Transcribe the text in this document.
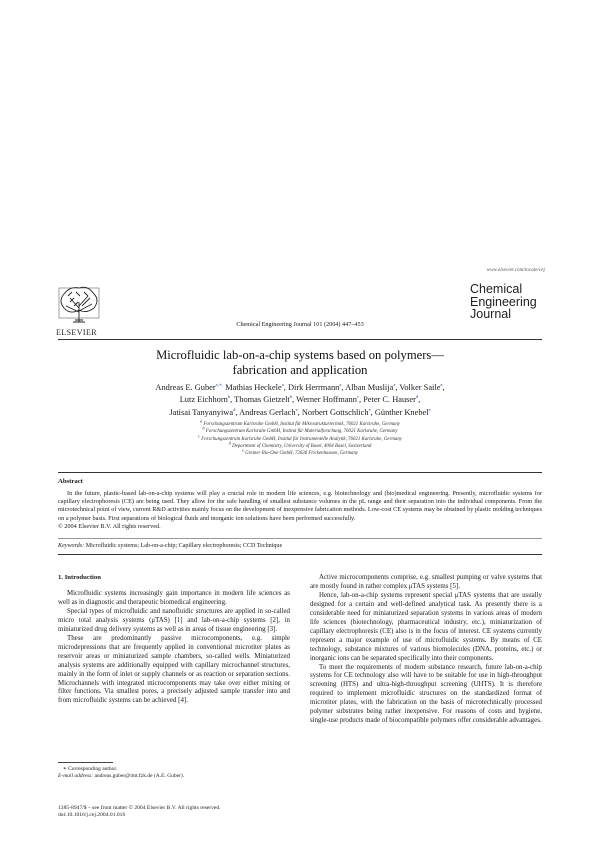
www.elsevier.com/locate/cej
ELSEVIER
Chemical Engineering Journal 101 (2004) 447–453
Chemical
Engineering
Journal
Microfluidic lab-on-a-chip systems based on polymers—
fabrication and application
Andreas E. Guber$^{a,∗,}$ Mathias Heckele$^a$, Dirk Herrmann$^a$, Alban Muslija$^a$, Volker Saile$^a$,
Lutz Eichhorn$^b$, Thomas Gietzelt$^b$, Werner Hoffmann$^c$, Peter C. Hauser$^d$,
Jatisai Tanyanyiwa$^d$, Andreas Gerlach$^e$, Norbert Gottschlich$^e$, Günther Knebel$^e$
$^a$ Forschungszentrum Karlsruhe GmbH, Institut für Mikrostrukturtechnik, 76021 Karlsruhe, Germany
$^b$ Forschungszentrum Karlsruhe GmbH, Institut für Materialforschung, 76021 Karlsruhe, Germany
$^c$ Forschungszentrum Karlsruhe GmbH, Institut für Instrumentelle Analytik, 76021 Karlsruhe, Germany
$^d$ Department of Chemistry, University of Basel, 4004 Basel, Switzerland
$^e$ Greiner Bio-One GmbH, 72636 Frickenhausen, Germany
Abstract

In the future, plastic-based lab-on-a-chip systems will play a crucial role in modern life sciences, e.g. biotechnology and (bio)medical engineering. Presently, microfluidic systems for capillary electrophoresis (CE) are being used. They allow for the safe handling of smallest substance volumes in the pL range and their separation into the individual components. From the microtechnical point of view, current R&D activities mainly focus on the development of inexpensive fabrication methods. Low-cost CE systems may be obtained by plastic molding techniques on a polymer basis. First separations of biological fluids and inorganic ion solutions have been performed successfully.

© 2004 Elsevier B.V. All rights reserved.

Keywords: Microfluidic systems; Lab-on-a-chip; Capillary electrophoresis; CCD Technique
1. Introduction

Microfluidic systems increasingly gain importance in modern life sciences as well as in diagnostic and therapeutic biomedical engineering.

Special types of microfluidic and nanofluidic structures are applied in so-called micro total analysis systems (μTAS) [1] and lab-on-a-chip systems [2], in miniaturized drug delivery systems as well as in areas of tissue engineering [3].

These are predominantly passive microcomponents, e.g. simple microdepressions that are frequently applied in conventional microtiter plates as reservoir areas or miniaturized sample chambers, so-called wells. Miniaturized analysis systems are additionally equipped with capillary microchannel structures, mainly in the form of inlet or supply channels or as reaction or separation sections. Microchannels with integrated microcomponents may take over either mixing or filter functions. Via smallest pores, a precisely adjusted sample transfer into and from microfluidic systems can be achieved [4].

Active microcomponents comprise, e.g. smallest pumping or valve systems that are mostly found in rather complex μTAS systems [5].

Hence, lab-on-a-chip systems represent special μTAS systems that are usually designed for a certain and well-defined analytical task. As presently there is a considerable need for miniaturized separation systems in various areas of modern life sciences (biotechnology, pharmaceutical industry, etc.), miniaturization of capillary electrophoresis (CE) also is in the focus of interest. CE systems currently represent a major example of use of microfluidic systems. By means of CE technology, substance mixtures of various biomolecules (DNA, proteins, etc.) or inorganic ions can be separated specifically into their components.

To meet the requirements of modern substance research, future lab-on-a-chip systems for CE technology also will have to be suitable for use in high-throughput screening (HTS) and ultra-high-throughput screening (UHTS). It is therefore required to implement microfluidic structures on the standardized format of microtiter plates, with the fabrication on the basis of microtechnically processed polymer substrates being rather inexpensive. For reasons of costs and hygiene, single-use products made of biocompatible polymers offer considerable advantages.

∗ Corresponding author.
E-mail address: andreas.guber@imt.fzk.de (A.E. Guber).
1385-8947/$ – see front matter © 2004 Elsevier B.V. All rights reserved.
doi:10.1016/j.cej.2004.01.016
